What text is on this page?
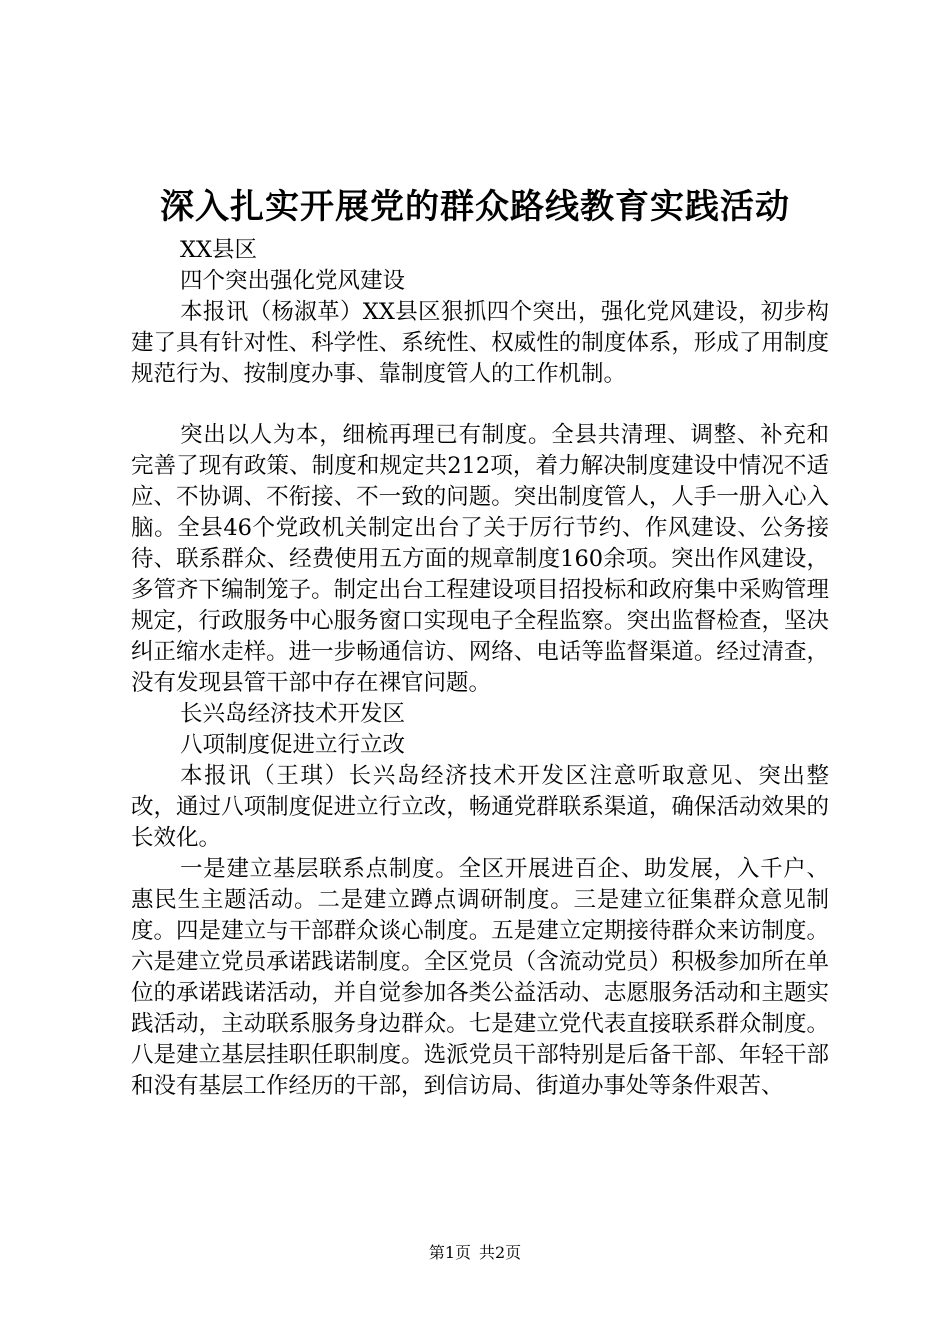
深入扎实开展党的群众路线教育实践活动

XX县区

四个突出强化党风建设

本报讯（杨淑革）XX县区狠抓四个突出，强化党风建设，初步构建了具有针对性、科学性、系统性、权威性的制度体系，形成了用制度规范行为、按制度办事、靠制度管人的工作机制。

突出以人为本，细梳再理已有制度。全县共清理、调整、补充和完善了现有政策、制度和规定共212项，着力解决制度建设中情况不适应、不协调、不衔接、不一致的问题。突出制度管人，人手一册入心入脑。全县46个党政机关制定出台了关于厉行节约、作风建设、公务接待、联系群众、经费使用五方面的规章制度160余项。突出作风建设，多管齐下编制笼子。制定出台工程建设项目招投标和政府集中采购管理规定，行政服务中心服务窗口实现电子全程监察。突出监督检查，坚决纠正缩水走样。进一步畅通信访、网络、电话等监督渠道。经过清查，没有发现县管干部中存在裸官问题。

长兴岛经济技术开发区

八项制度促进立行立改

本报讯（王琪）长兴岛经济技术开发区注意听取意见、突出整改，通过八项制度促进立行立改，畅通党群联系渠道，确保活动效果的长效化。

一是建立基层联系点制度。全区开展进百企、助发展，入千户、惠民生主题活动。二是建立蹲点调研制度。三是建立征集群众意见制度。四是建立与干部群众谈心制度。五是建立定期接待群众来访制度。六是建立党员承诺践诺制度。全区党员（含流动党员）积极参加所在单位的承诺践诺活动，并自觉参加各类公益活动、志愿服务活动和主题实践活动，主动联系服务身边群众。七是建立党代表直接联系群众制度。八是建立基层挂职任职制度。选派党员干部特别是后备干部、年轻干部和没有基层工作经历的干部，到信访局、街道办事处等条件艰苦、

第1页 共2页
